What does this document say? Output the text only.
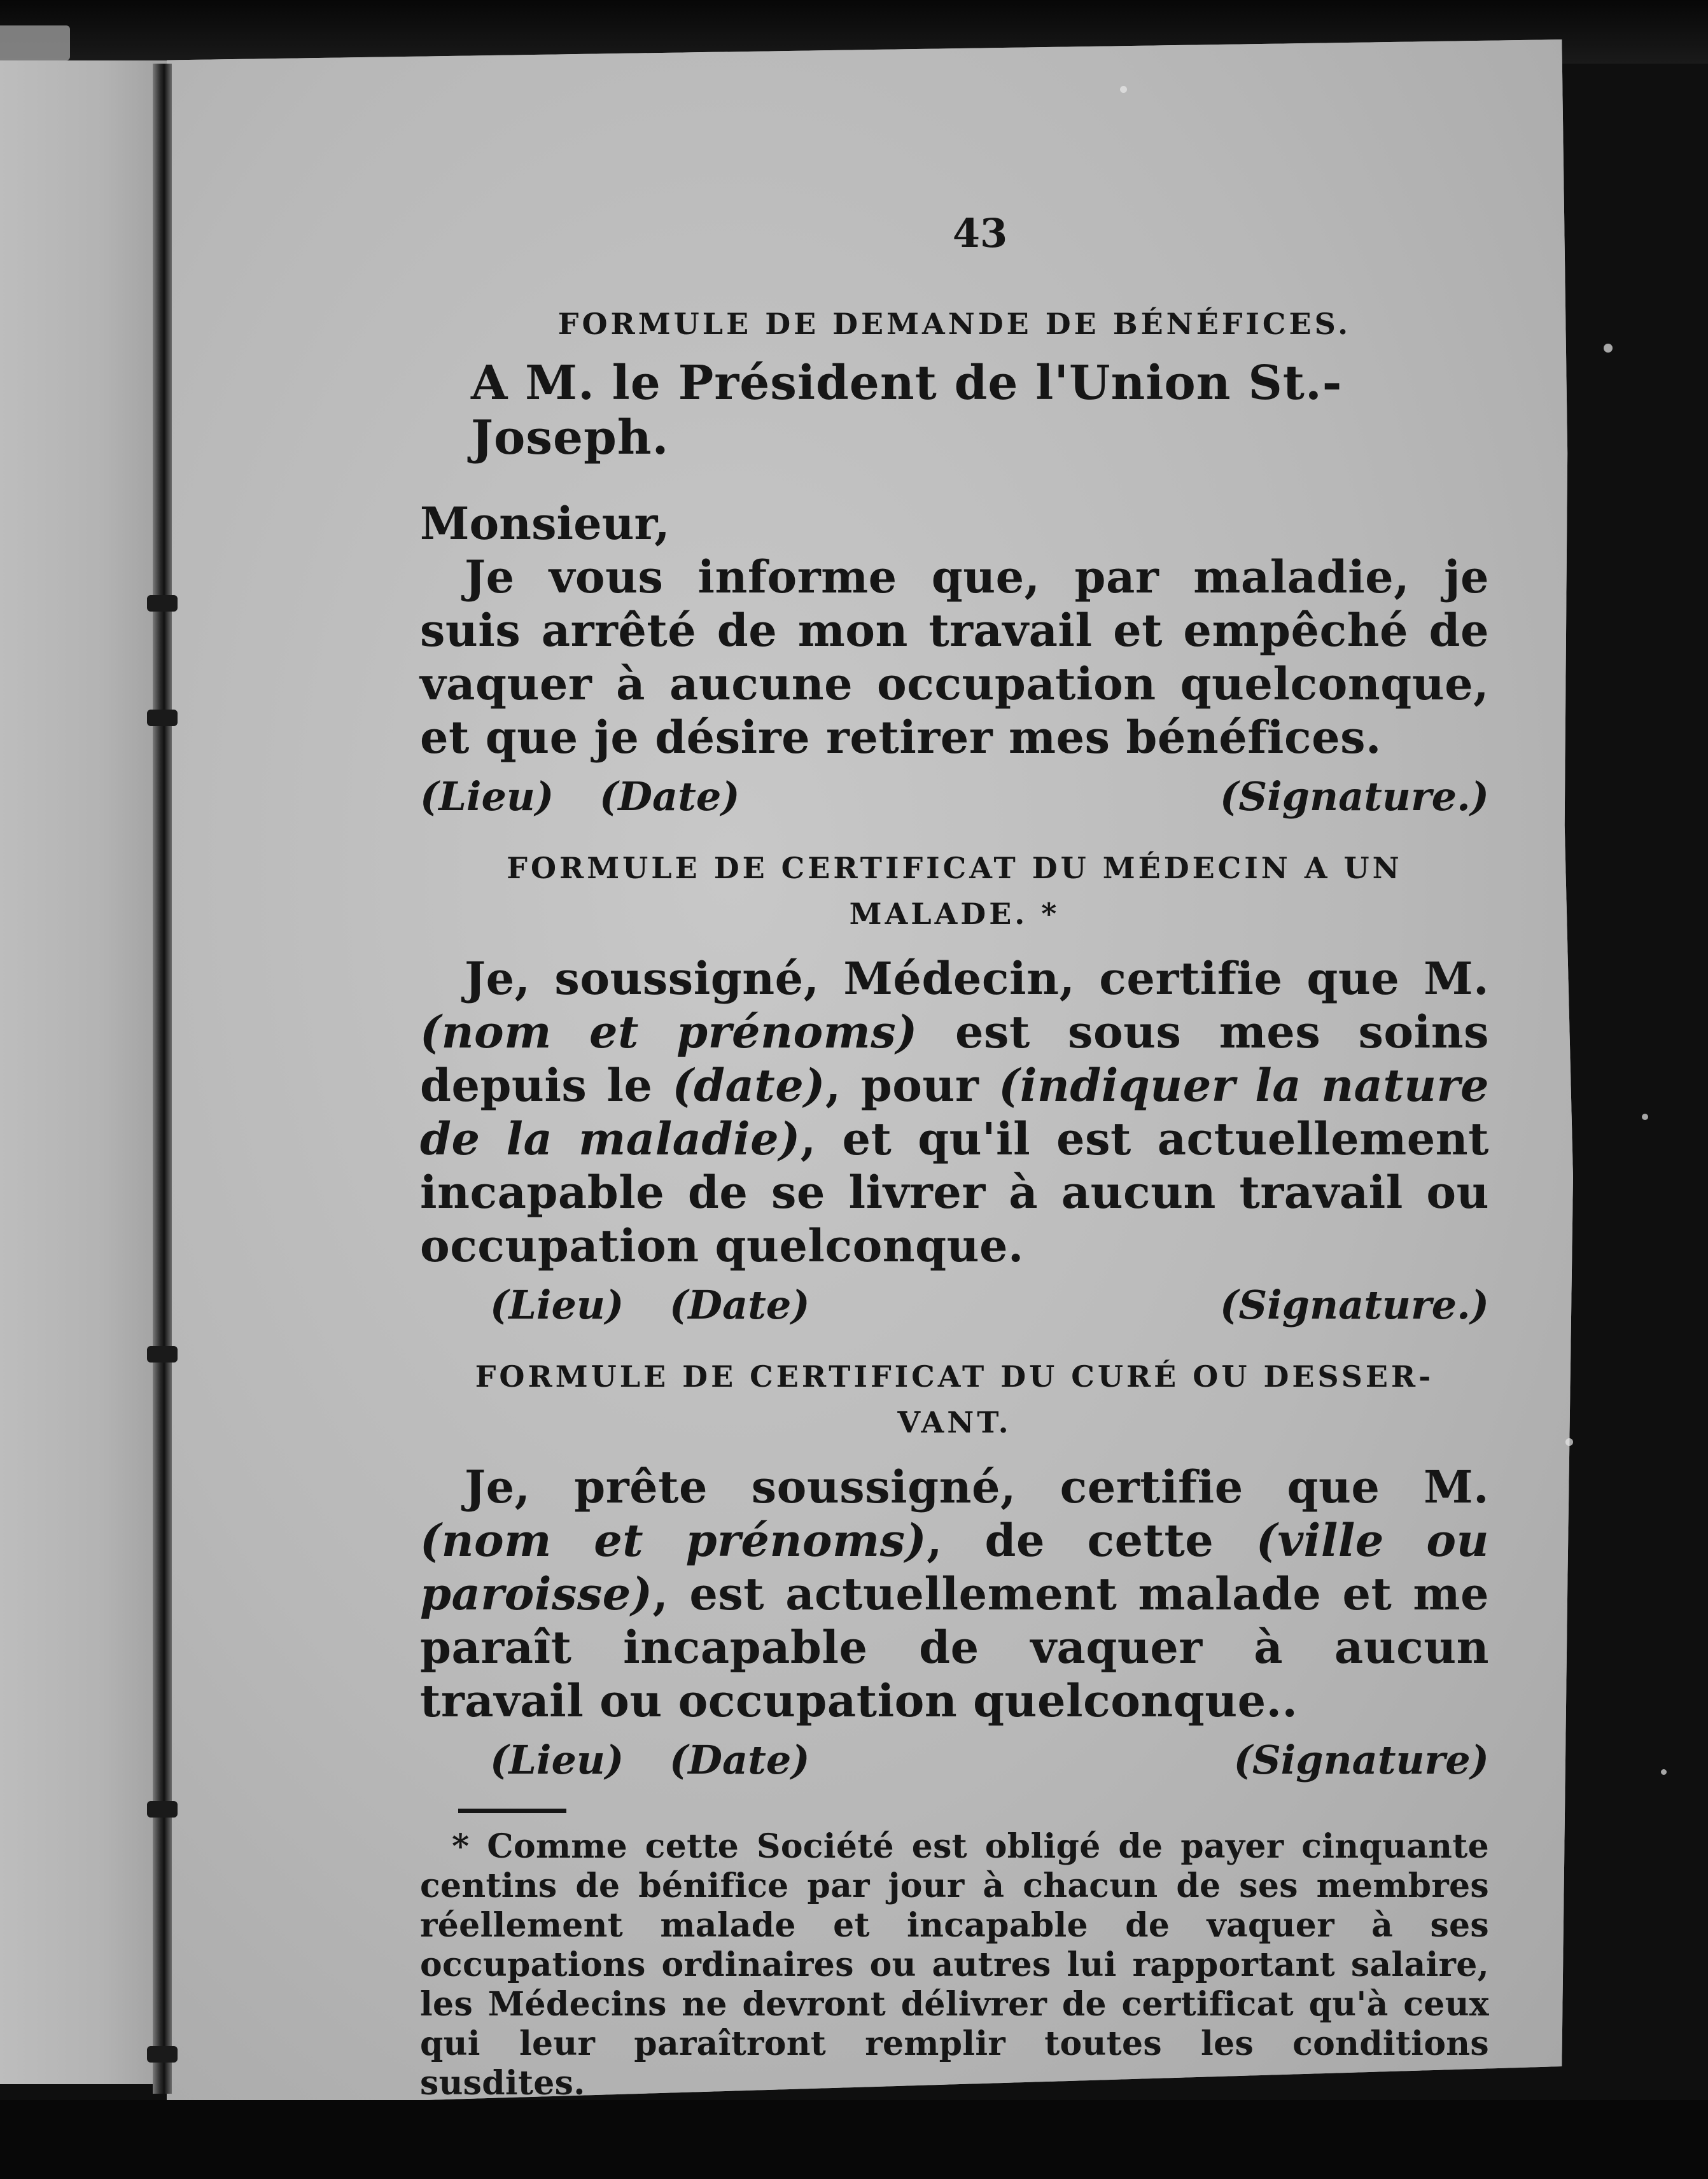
43
FORMULE DE DEMANDE DE BÉNÉFICES.
A M. le Président de l'Union St.-Joseph.
Monsieur,

Je vous informe que, par maladie, je suis arrêté de mon travail et empêché de vaquer à aucune occupation quelconque, et que je désire retirer mes bénéfices.

(Lieu) (Date)	(Signature.)
FORMULE DE CERTIFICAT DU MÉDECIN A UN
MALADE. *

Je, soussigné, Médecin, certifie que M. (nom et prénoms) est sous mes soins depuis le (date), pour (indiquer la nature de la maladie), et qu'il est actuellement incapable de se livrer à aucun travail ou occupation quelconque.

(Lieu) (Date)	(Signature.)
FORMULE DE CERTIFICAT DU CURÉ OU DESSER-
VANT.

Je, prête soussigné, certifie que M. (nom et prénoms), de cette (ville ou paroisse), est actuellement malade et me paraît incapable de vaquer à aucun travail ou occupation quelconque..

(Lieu) (Date)	(Signature)

* Comme cette Société est obligé de payer cinquante centins de bénifice par jour à chacun de ses membres réellement malade et incapable de vaquer à ses occupations ordinaires ou autres lui rapportant salaire, les Médecins ne devront délivrer de certificat qu'à ceux qui leur paraîtront remplir toutes les conditions susdites.
